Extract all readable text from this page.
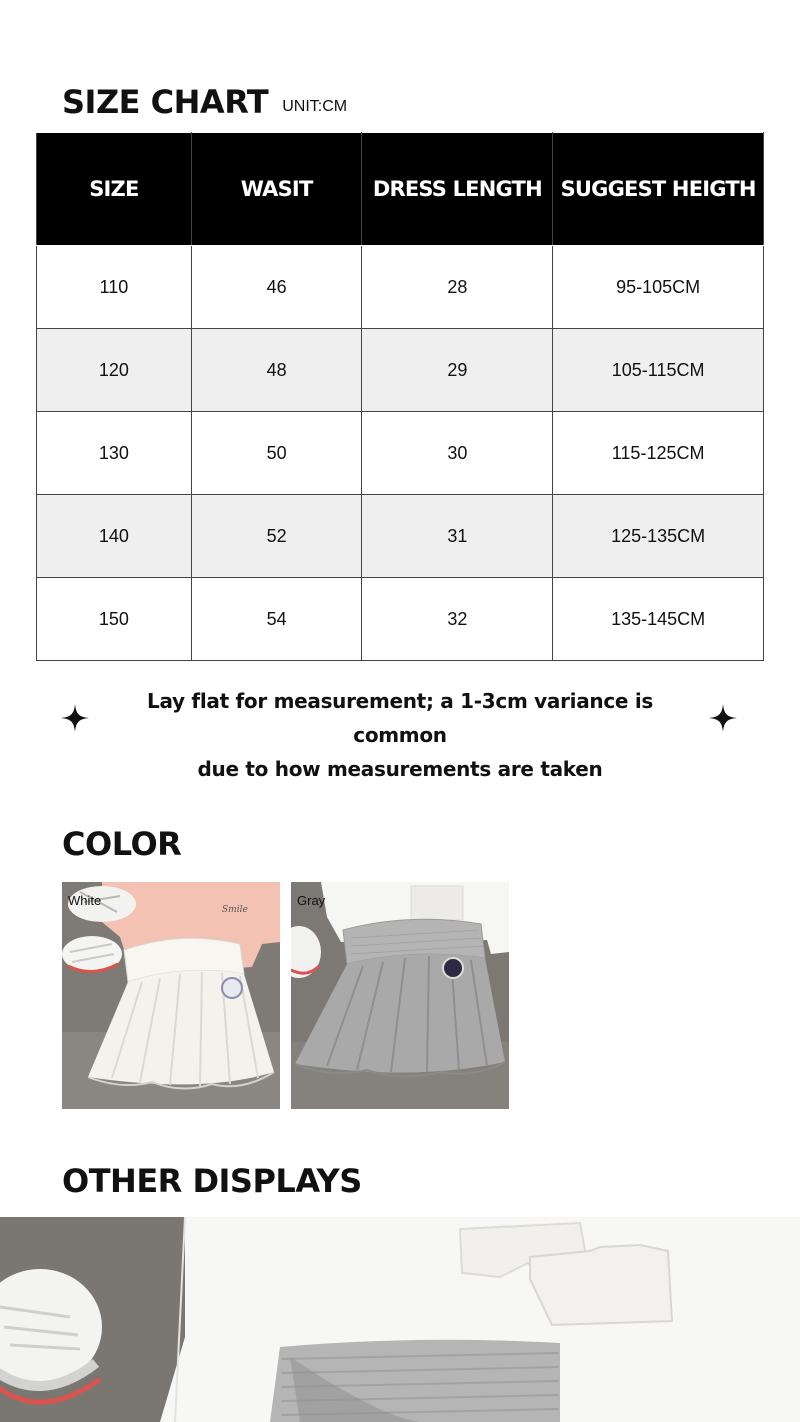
SIZE CHART UNIT:CM
SIZE	WASIT	DRESS LENGTH	SUGGEST HEIGTH
110	46	28	95-105CM
120	48	29	105-115CM
130	50	30	115-125CM
140	52	31	125-135CM
150	54	32	135-145CM
Lay flat for measurement; a 1-3cm variance is common
due to how measurements are taken
COLOR
Smile
White	Gray
OTHER DISPLAYS
